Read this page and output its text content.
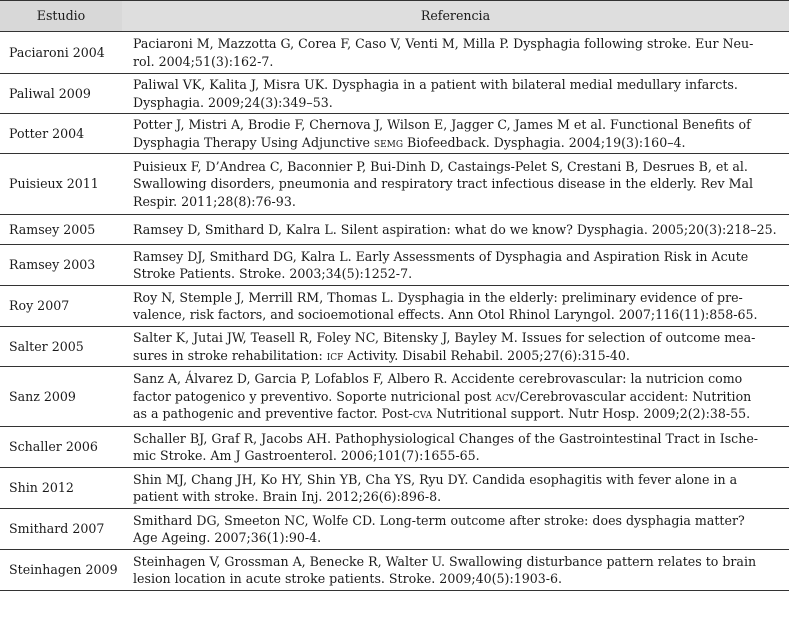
Estudio	Referencia
Paciaroni 2004	Paciaroni M, Mazzotta G, Corea F, Caso V, Venti M, Milla P. Dysphagia following stroke. Eur Neu-
rol. 2004;51(3):162-7.
Paliwal 2009	Paliwal VK, Kalita J, Misra UK. Dysphagia in a patient with bilateral medial medullary infarcts.
Dysphagia. 2009;24(3):349–53.
Potter 2004	Potter J, Mistri A, Brodie F, Chernova J, Wilson E, Jagger C, James M et al. Functional Benefits of
Dysphagia Therapy Using Adjunctive semg Biofeedback. Dysphagia. 2004;19(3):160–4.
Puisieux 2011	Puisieux F, D’Andrea C, Baconnier P, Bui-Dinh D, Castaings-Pelet S, Crestani B, Desrues B, et al.
Swallowing disorders, pneumonia and respiratory tract infectious disease in the elderly. Rev Mal
Respir. 2011;28(8):76-93.
Ramsey 2005	Ramsey D, Smithard D, Kalra L. Silent aspiration: what do we know? Dysphagia. 2005;20(3):218–25.
Ramsey 2003	Ramsey DJ, Smithard DG, Kalra L. Early Assessments of Dysphagia and Aspiration Risk in Acute
Stroke Patients. Stroke. 2003;34(5):1252-7.
Roy 2007	Roy N, Stemple J, Merrill RM, Thomas L. Dysphagia in the elderly: preliminary evidence of pre-
valence, risk factors, and socioemotional effects. Ann Otol Rhinol Laryngol. 2007;116(11):858-65.
Salter 2005	Salter K, Jutai JW, Teasell R, Foley NC, Bitensky J, Bayley M. Issues for selection of outcome mea-
sures in stroke rehabilitation: icf Activity. Disabil Rehabil. 2005;27(6):315-40.
Sanz 2009	Sanz A, Álvarez D, Garcia P, Lofablos F, Albero R. Accidente cerebrovascular: la nutricion como
factor patogenico y preventivo. Soporte nutricional post acv/Cerebrovascular accident: Nutrition
as a pathogenic and preventive factor. Post-cva Nutritional support. Nutr Hosp. 2009;2(2):38-55.
Schaller 2006	Schaller BJ, Graf R, Jacobs AH. Pathophysiological Changes of the Gastrointestinal Tract in Ische-
mic Stroke. Am J Gastroenterol. 2006;101(7):1655-65.
Shin 2012	Shin MJ, Chang JH, Ko HY, Shin YB, Cha YS, Ryu DY. Candida esophagitis with fever alone in a
patient with stroke. Brain Inj. 2012;26(6):896-8.
Smithard 2007	Smithard DG, Smeeton NC, Wolfe CD. Long-term outcome after stroke: does dysphagia matter?
Age Ageing. 2007;36(1):90-4.
Steinhagen 2009	Steinhagen V, Grossman A, Benecke R, Walter U. Swallowing disturbance pattern relates to brain
lesion location in acute stroke patients. Stroke. 2009;40(5):1903-6.
